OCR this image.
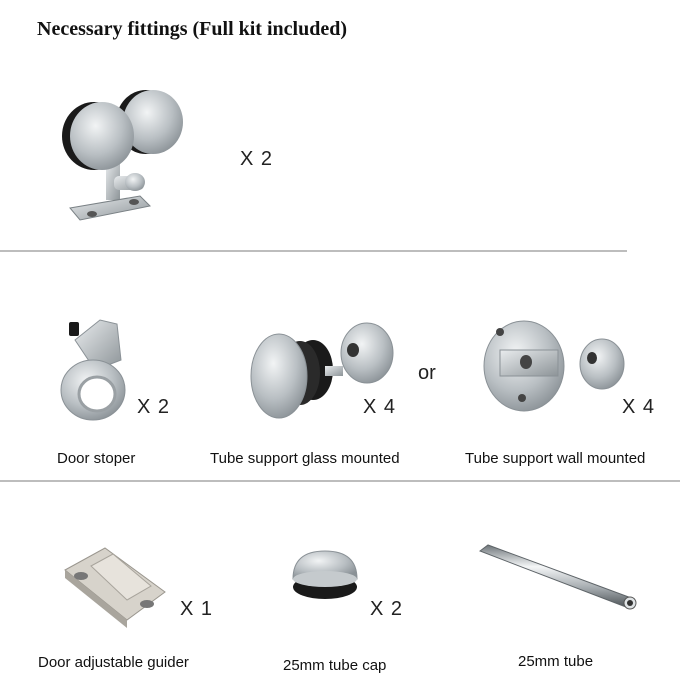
Necessary fittings (Full kit included)
X 2
X 2
Door stoper
X 4
Tube support glass mounted
or
X 4
Tube support wall mounted
X 1
Door adjustable guider
X 2
25mm tube cap	25mm tube
